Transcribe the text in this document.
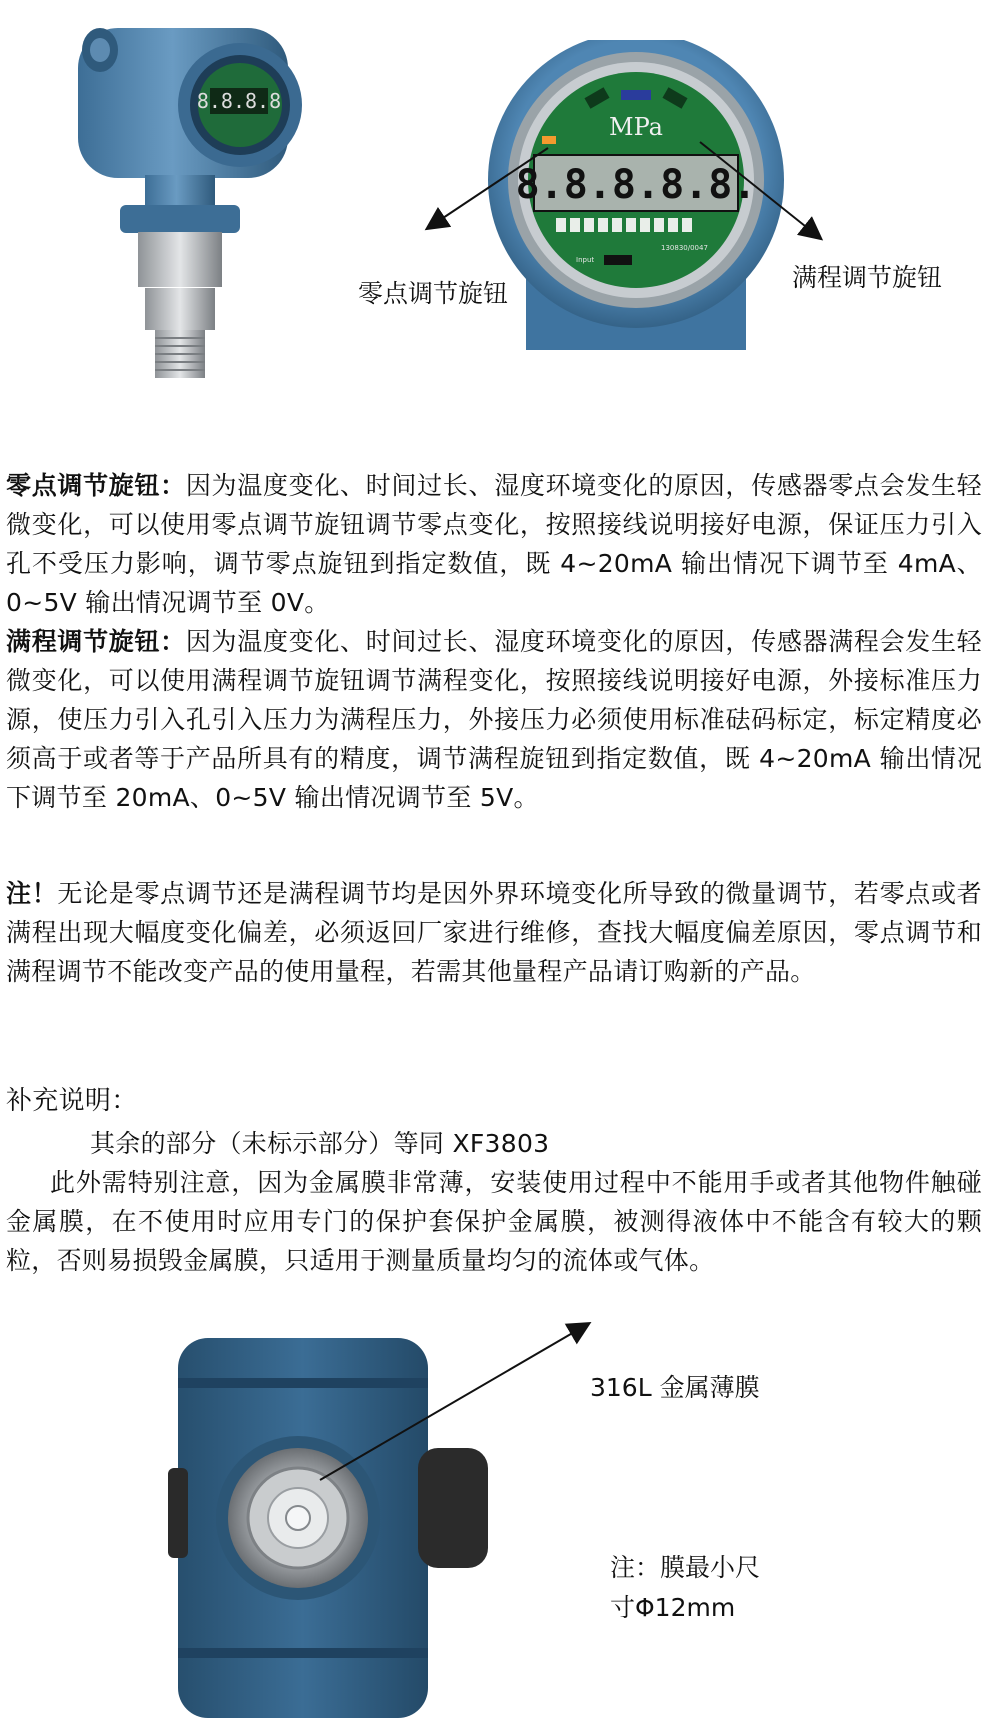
8.8.8.8
MPa
8.8.8.8.8.
130830/0047
Input
零点调节旋钮
满程调节旋钮
零点调节旋钮：因为温度变化、时间过长、湿度环境变化的原因，传感器零点会发生轻微变化，可以使用零点调节旋钮调节零点变化，按照接线说明接好电源，保证压力引入孔不受压力影响，调节零点旋钮到指定数值，既 4~20mA 输出情况下调节至 4mA、0~5V 输出情况调节至 0V。
满程调节旋钮：因为温度变化、时间过长、湿度环境变化的原因，传感器满程会发生轻微变化，可以使用满程调节旋钮调节满程变化，按照接线说明接好电源，外接标准压力源，使压力引入孔引入压力为满程压力，外接压力必须使用标准砝码标定，标定精度必须高于或者等于产品所具有的精度，调节满程旋钮到指定数值，既 4~20mA 输出情况下调节至 20mA、0~5V 输出情况调节至 5V。
注！无论是零点调节还是满程调节均是因外界环境变化所导致的微量调节，若零点或者满程出现大幅度变化偏差，必须返回厂家进行维修，查找大幅度偏差原因，零点调节和满程调节不能改变产品的使用量程，若需其他量程产品请订购新的产品。
补充说明：
其余的部分（未标示部分）等同 XF3803
此外需特别注意，因为金属膜非常薄，安装使用过程中不能用手或者其他物件触碰金属膜，在不使用时应用专门的保护套保护金属膜，被测得液体中不能含有较大的颗粒，否则易损毁金属膜，只适用于测量质量均匀的流体或气体。
316L 金属薄膜
注：膜最小尺
寸Φ12mm
